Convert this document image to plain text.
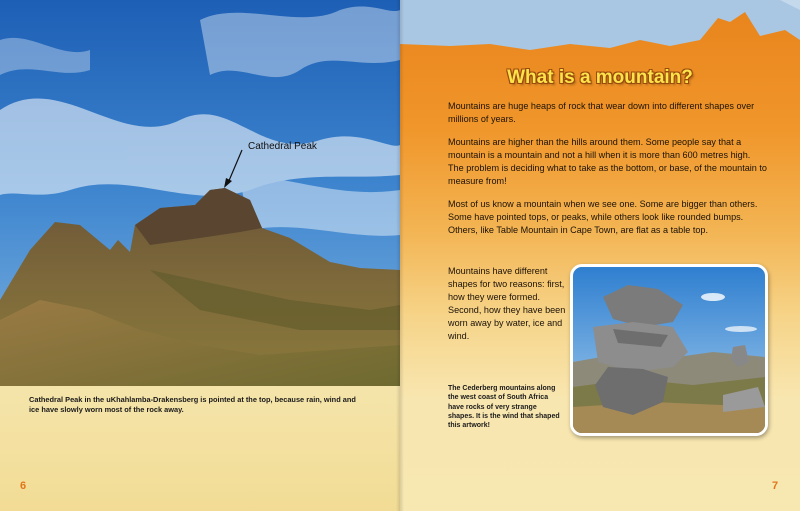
Cathedral Peak
Cathedral Peak in the uKhahlamba-Drakensberg is pointed at the top, because rain, wind and ice have slowly worn most of the rock away.
6
What is a mountain?

Mountains are huge heaps of rock that wear down into different shapes over millions of years.

Mountains are higher than the hills around them. Some people say that a mountain is a mountain and not a hill when it is more than 600 metres high. The problem is deciding what to take as the bottom, or base, of the mountain to measure from!

Most of us know a mountain when we see one. Some are bigger than others. Some have pointed tops, or peaks, while others look like rounded bumps. Others, like Table Mountain in Cape Town, are flat as a table top.

Mountains have different shapes for two reasons: first, how they were formed. Second, how they have been worn away by water, ice and wind.

The Cederberg mountains along the west coast of South Africa have rocks of very strange shapes. It is the wind that shaped this artwork!
7
